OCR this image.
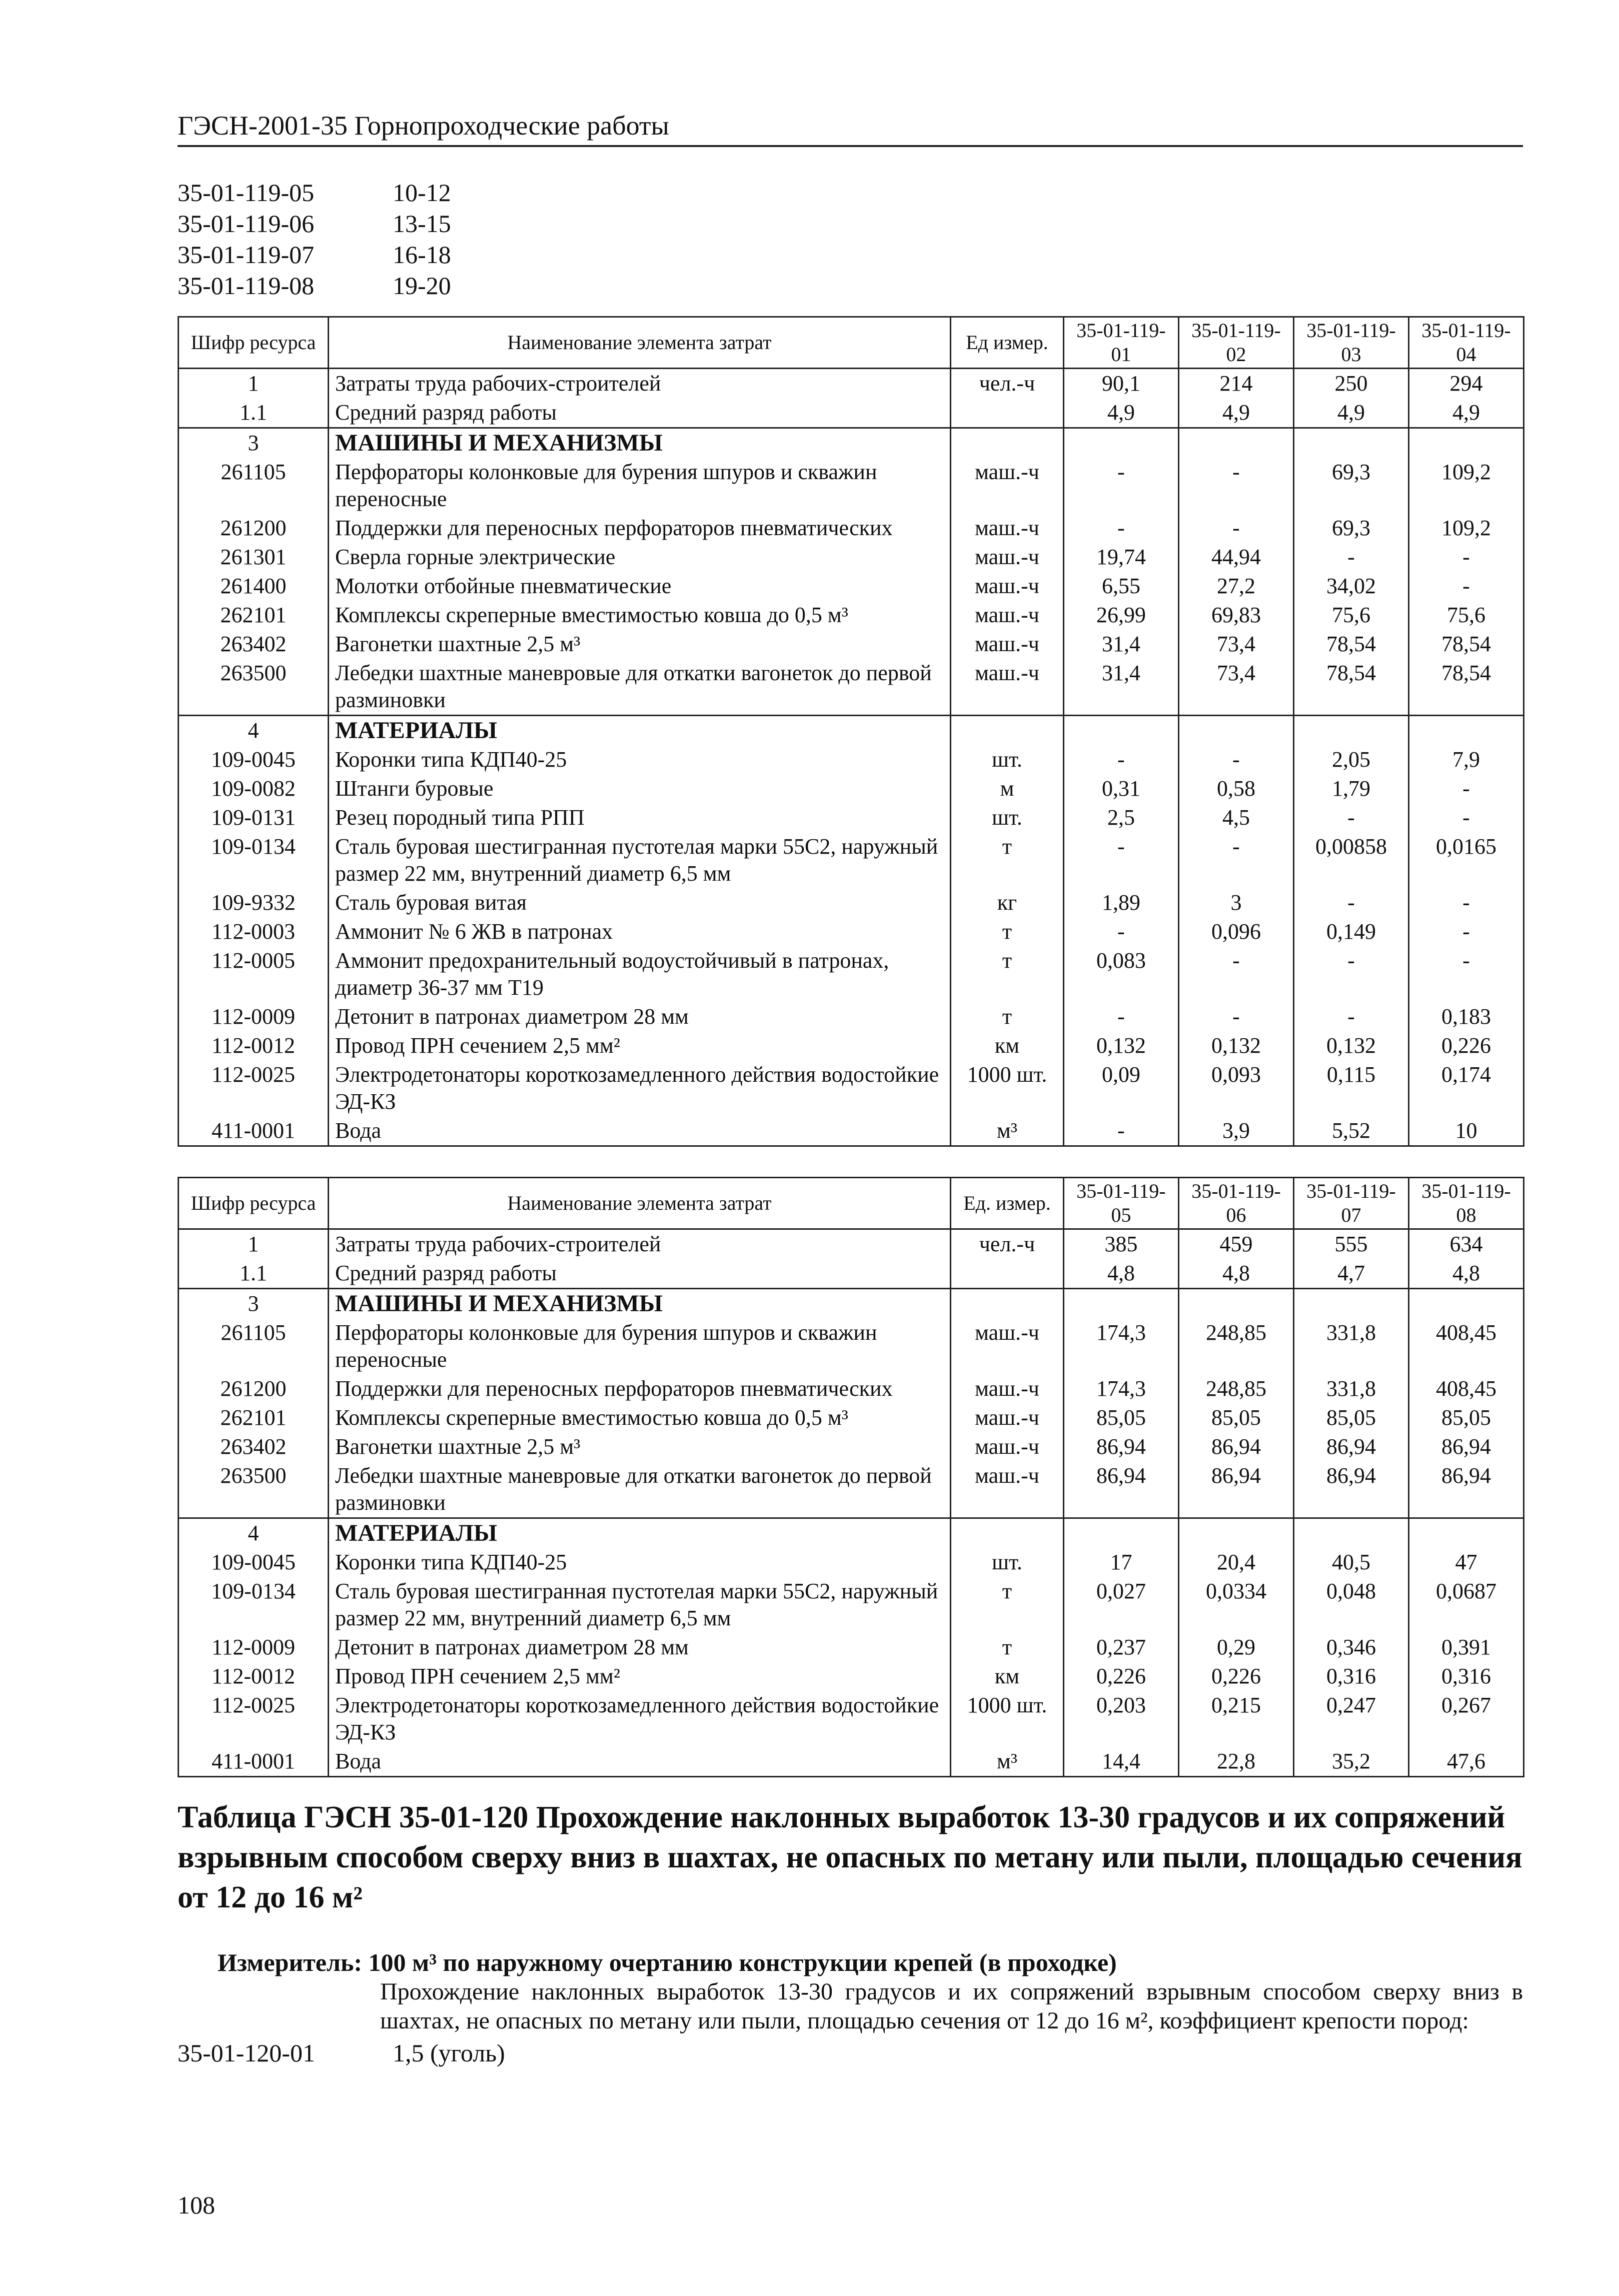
ГЭСН-2001-35 Горнопроходческие работы
35-01-119-05	10-12
35-01-119-06	13-15
35-01-119-07	16-18
35-01-119-08	19-20
Шифр ресурса	Наименование элемента затрат	Ед измер.	35-01-119-01	35-01-119-02	35-01-119-03	35-01-119-04
1	Затраты труда рабочих-строителей	чел.-ч	90,1	214	250	294
1.1	Средний разряд работы		4,9	4,9	4,9	4,9
3	МАШИНЫ И МЕХАНИЗМЫ					
261105	Перфораторы колонковые для бурения шпуров и скважин переносные	маш.-ч	-	-	69,3	109,2
261200	Поддержки для переносных перфораторов пневматических	маш.-ч	-	-	69,3	109,2
261301	Сверла горные электрические	маш.-ч	19,74	44,94	-	-
261400	Молотки отбойные пневматические	маш.-ч	6,55	27,2	34,02	-
262101	Комплексы скреперные вместимостью ковша до 0,5 м³	маш.-ч	26,99	69,83	75,6	75,6
263402	Вагонетки шахтные 2,5 м³	маш.-ч	31,4	73,4	78,54	78,54
263500	Лебедки шахтные маневровые для откатки вагонеток до первой разминовки	маш.-ч	31,4	73,4	78,54	78,54
4	МАТЕРИАЛЫ					
109-0045	Коронки типа КДП40-25	шт.	-	-	2,05	7,9
109-0082	Штанги буровые	м	0,31	0,58	1,79	-
109-0131	Резец породный типа РПП	шт.	2,5	4,5	-	-
109-0134	Сталь буровая шестигранная пустотелая марки 55С2, наружный размер 22 мм, внутренний диаметр 6,5 мм	т	-	-	0,00858	0,0165
109-9332	Сталь буровая витая	кг	1,89	3	-	-
112-0003	Аммонит № 6 ЖВ в патронах	т	-	0,096	0,149	-
112-0005	Аммонит предохранительный водоустойчивый в патронах, диаметр 36-37 мм Т19	т	0,083	-	-	-
112-0009	Детонит в патронах диаметром 28 мм	т	-	-	-	0,183
112-0012	Провод ПРН сечением 2,5 мм²	км	0,132	0,132	0,132	0,226
112-0025	Электродетонаторы короткозамедленного действия водостойкие ЭД-КЗ	1000 шт.	0,09	0,093	0,115	0,174
411-0001	Вода	м³	-	3,9	5,52	10
Шифр ресурса	Наименование элемента затрат	Ед. измер.	35-01-119-05	35-01-119-06	35-01-119-07	35-01-119-08
1	Затраты труда рабочих-строителей	чел.-ч	385	459	555	634
1.1	Средний разряд работы		4,8	4,8	4,7	4,8
3	МАШИНЫ И МЕХАНИЗМЫ					
261105	Перфораторы колонковые для бурения шпуров и скважин переносные	маш.-ч	174,3	248,85	331,8	408,45
261200	Поддержки для переносных перфораторов пневматических	маш.-ч	174,3	248,85	331,8	408,45
262101	Комплексы скреперные вместимостью ковша до 0,5 м³	маш.-ч	85,05	85,05	85,05	85,05
263402	Вагонетки шахтные 2,5 м³	маш.-ч	86,94	86,94	86,94	86,94
263500	Лебедки шахтные маневровые для откатки вагонеток до первой разминовки	маш.-ч	86,94	86,94	86,94	86,94
4	МАТЕРИАЛЫ					
109-0045	Коронки типа КДП40-25	шт.	17	20,4	40,5	47
109-0134	Сталь буровая шестигранная пустотелая марки 55С2, наружный размер 22 мм, внутренний диаметр 6,5 мм	т	0,027	0,0334	0,048	0,0687
112-0009	Детонит в патронах диаметром 28 мм	т	0,237	0,29	0,346	0,391
112-0012	Провод ПРН сечением 2,5 мм²	км	0,226	0,226	0,316	0,316
112-0025	Электродетонаторы короткозамедленного действия водостойкие ЭД-КЗ	1000 шт.	0,203	0,215	0,247	0,267
411-0001	Вода	м³	14,4	22,8	35,2	47,6
Таблица ГЭСН 35-01-120 Прохождение наклонных выработок 13-30 градусов и их сопряжений взрывным способом сверху вниз в шахтах, не опасных по метану или пыли, площадью сечения от 12 до 16 м²
Измеритель: 100 м³ по наружному очертанию конструкции крепей (в проходке)
Прохождение наклонных выработок 13-30 градусов и их сопряжений взрывным способом сверху вниз в шахтах, не опасных по метану или пыли, площадью сечения от 12 до 16 м², коэффициент крепости пород:
35-01-120-01	1,5 (уголь)
108
